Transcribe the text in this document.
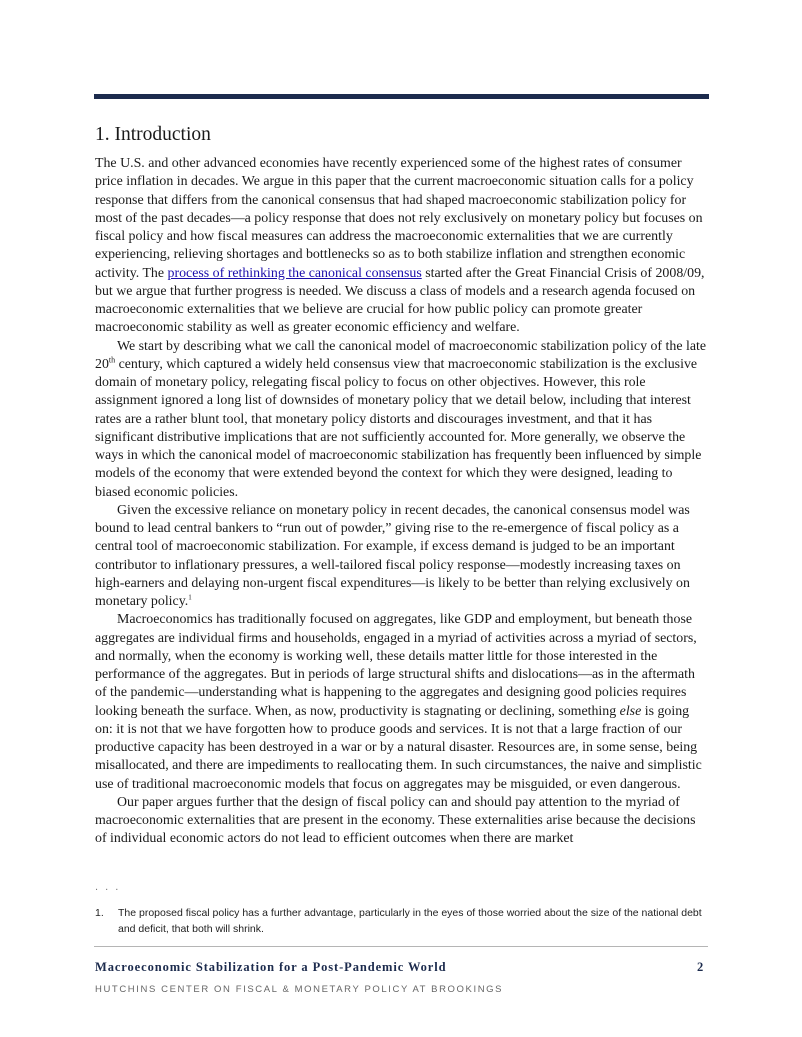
1. Introduction

The U.S. and other advanced economies have recently experienced some of the highest rates of consumer price inflation in decades. We argue in this paper that the current macroeconomic situation calls for a policy response that differs from the canonical consensus that had shaped macroeconomic stabilization policy for most of the past decades—a policy response that does not rely exclusively on monetary policy but focuses on fiscal policy and how fiscal measures can address the macroeconomic externalities that we are currently experiencing, relieving shortages and bottlenecks so as to both stabilize inflation and strengthen economic activity. The process of rethinking the canonical consensus started after the Great Financial Crisis of 2008/09, but we argue that further progress is needed. We discuss a class of models and a research agenda focused on macroeconomic externalities that we believe are crucial for how public policy can promote greater macroeconomic stability as well as greater economic efficiency and welfare.

We start by describing what we call the canonical model of macroeconomic stabilization policy of the late 20th century, which captured a widely held consensus view that macroeconomic stabilization is the exclusive domain of monetary policy, relegating fiscal policy to focus on other objectives. However, this role assignment ignored a long list of downsides of monetary policy that we detail below, including that interest rates are a rather blunt tool, that monetary policy distorts and discourages investment, and that it has significant distributive implications that are not sufficiently accounted for. More generally, we observe the ways in which the canonical model of macroeconomic stabilization has frequently been influenced by simple models of the economy that were extended beyond the context for which they were designed, leading to biased economic policies.

Given the excessive reliance on monetary policy in recent decades, the canonical consensus model was bound to lead central bankers to “run out of powder,” giving rise to the re-emergence of fiscal policy as a central tool of macroeconomic stabilization. For example, if excess demand is judged to be an important contributor to inflationary pressures, a well-tailored fiscal policy response—modestly increasing taxes on high-earners and delaying non-urgent fiscal expenditures—is likely to be better than relying exclusively on monetary policy.$^1$

Macroeconomics has traditionally focused on aggregates, like GDP and employment, but beneath those aggregates are individual firms and households, engaged in a myriad of activities across a myriad of sectors, and normally, when the economy is working well, these details matter little for those interested in the performance of the aggregates. But in periods of large structural shifts and dislocations—as in the aftermath of the pandemic—understanding what is happening to the aggregates and designing good policies requires looking beneath the surface. When, as now, productivity is stagnating or declining, something else is going on: it is not that we have forgotten how to produce goods and services. It is not that a large fraction of our productive capacity has been destroyed in a war or by a natural disaster. Resources are, in some sense, being misallocated, and there are impediments to reallocating them. In such circumstances, the naive and simplistic use of traditional macroeconomic models that focus on aggregates may be misguided, or even dangerous.

Our paper argues further that the design of fiscal policy can and should pay attention to the myriad of macroeconomic externalities that are present in the economy. These externalities arise because the decisions of individual economic actors do not lead to efficient outcomes when there are market

. . .
1.	The proposed fiscal policy has a further advantage, particularly in the eyes of those worried about the size of the national debt and deficit, that both will shrink.
Macroeconomic Stabilization for a Post-Pandemic World	2
HUTCHINS CENTER ON FISCAL & MONETARY POLICY AT BROOKINGS
